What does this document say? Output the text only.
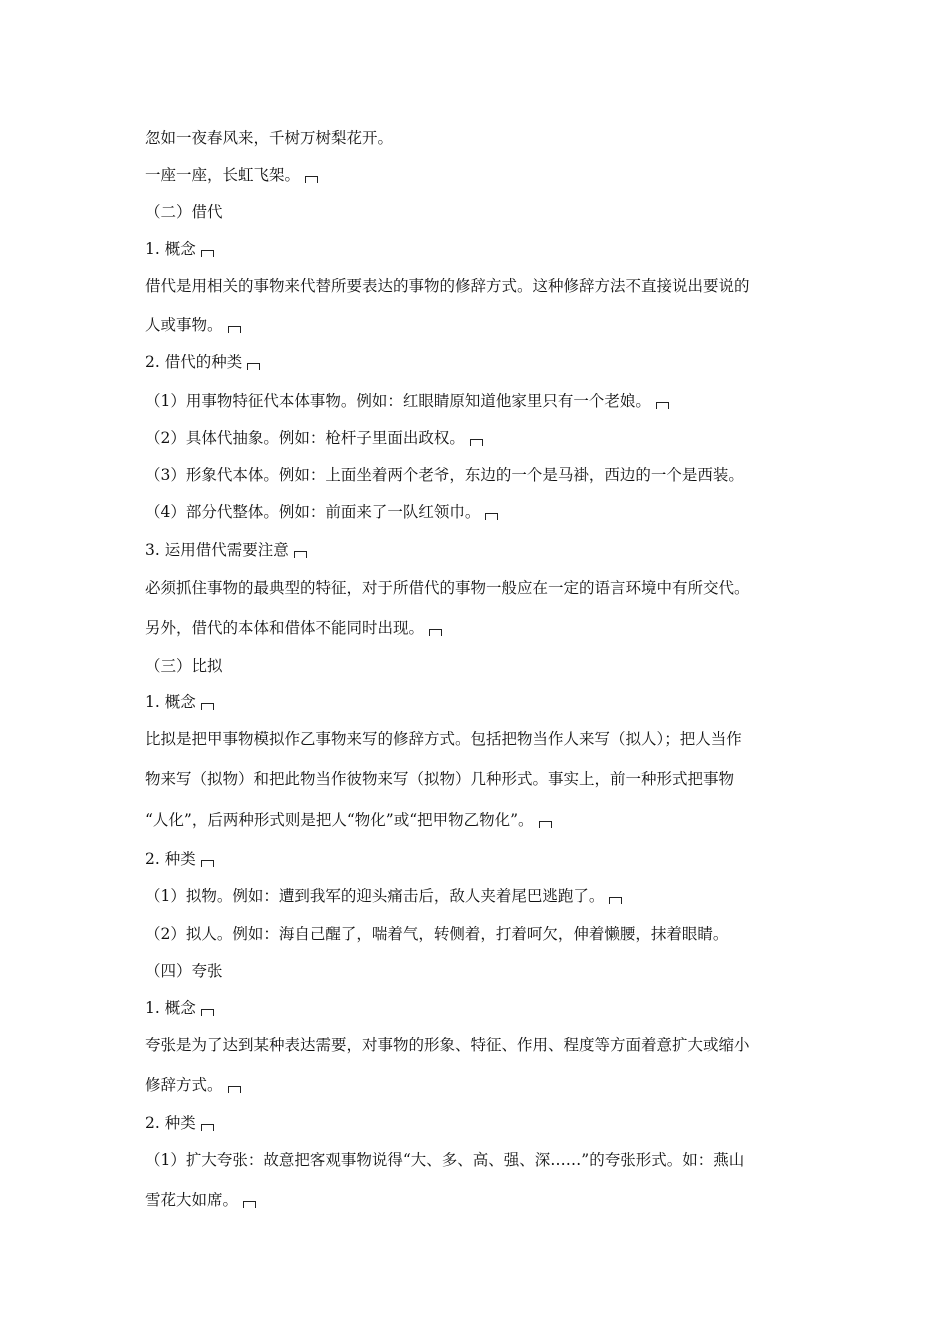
忽如一夜春风来，千树万树梨花开。
一座一座，长虹飞架。
（二）借代
1. 概念
借代是用相关的事物来代替所要表达的事物的修辞方式。这种修辞方法不直接说出要说的
人或事物。
2. 借代的种类
（1）用事物特征代本体事物。例如：红眼睛原知道他家里只有一个老娘。
（2）具体代抽象。例如：枪杆子里面出政权。
（3）形象代本体。例如：上面坐着两个老爷，东边的一个是马褂，西边的一个是西装。
（4）部分代整体。例如：前面来了一队红领巾。
3. 运用借代需要注意
必须抓住事物的最典型的特征，对于所借代的事物一般应在一定的语言环境中有所交代。
另外，借代的本体和借体不能同时出现。
（三）比拟
1. 概念
比拟是把甲事物模拟作乙事物来写的修辞方式。包括把物当作人来写（拟人）；把人当作
物来写（拟物）和把此物当作彼物来写（拟物）几种形式。事实上，前一种形式把事物
“人化”，后两种形式则是把人“物化”或“把甲物乙物化”。
2. 种类
（1）拟物。例如：遭到我军的迎头痛击后，敌人夹着尾巴逃跑了。
（2）拟人。例如：海自己醒了，喘着气，转侧着，打着呵欠，伸着懒腰，抹着眼睛。
（四）夸张
1. 概念
夸张是为了达到某种表达需要，对事物的形象、特征、作用、程度等方面着意扩大或缩小
修辞方式。
2. 种类
（1）扩大夸张：故意把客观事物说得“大、多、高、强、深……”的夸张形式。如：燕山
雪花大如席。
